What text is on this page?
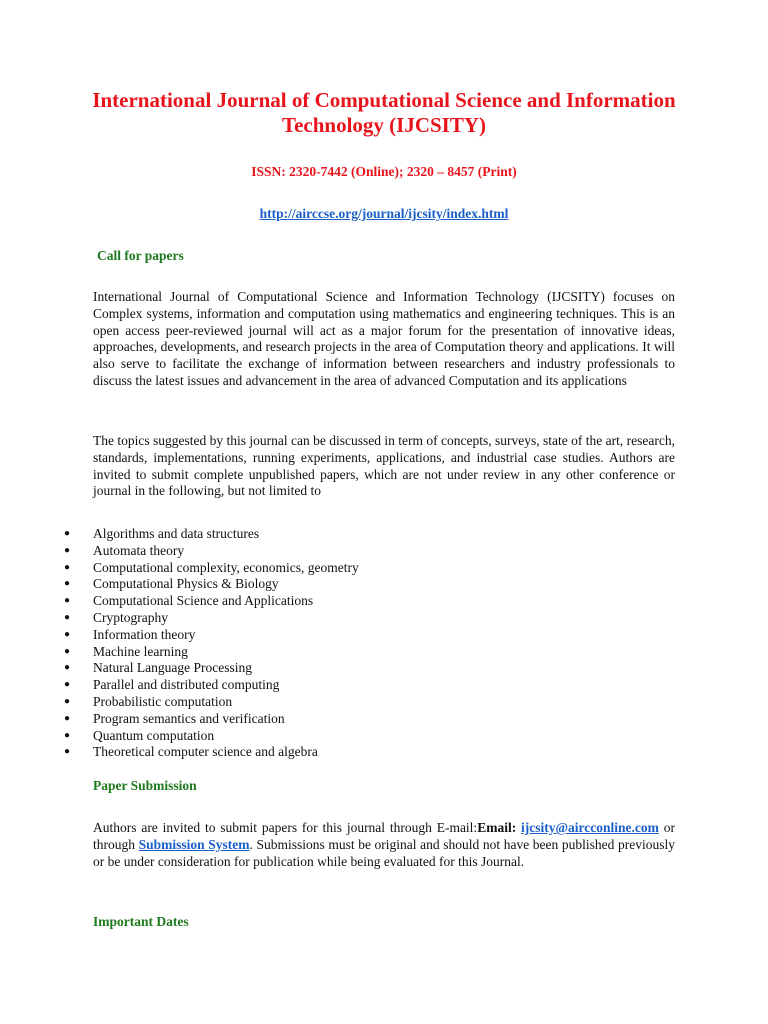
International Journal of Computational Science and Information Technology (IJCSITY)
ISSN: 2320-7442 (Online); 2320 – 8457 (Print)
http://airccse.org/journal/ijcsity/index.html
Call for papers

International Journal of Computational Science and Information Technology (IJCSITY) focuses on Complex systems, information and computation using mathematics and engineering techniques. This is an open access peer-reviewed journal will act as a major forum for the presentation of innovative ideas, approaches, developments, and research projects in the area of Computation theory and applications. It will also serve to facilitate the exchange of information between researchers and industry professionals to discuss the latest issues and advancement in the area of advanced Computation and its applications

The topics suggested by this journal can be discussed in term of concepts, surveys, state of the art, research, standards, implementations, running experiments, applications, and industrial case studies. Authors are invited to submit complete unpublished papers, which are not under review in any other conference or journal in the following, but not limited to

● Algorithms and data structures
● Automata theory
● Computational complexity, economics, geometry
● Computational Physics & Biology
● Computational Science and Applications
● Cryptography
● Information theory
● Machine learning
● Natural Language Processing
● Parallel and distributed computing
● Probabilistic computation
● Program semantics and verification
● Quantum computation
● Theoretical computer science and algebra
Paper Submission

Authors are invited to submit papers for this journal through E-mail:Email: ijcsity@aircconline.com or through Submission System. Submissions must be original and should not have been published previously or be under consideration for publication while being evaluated for this Journal.

Important Dates
